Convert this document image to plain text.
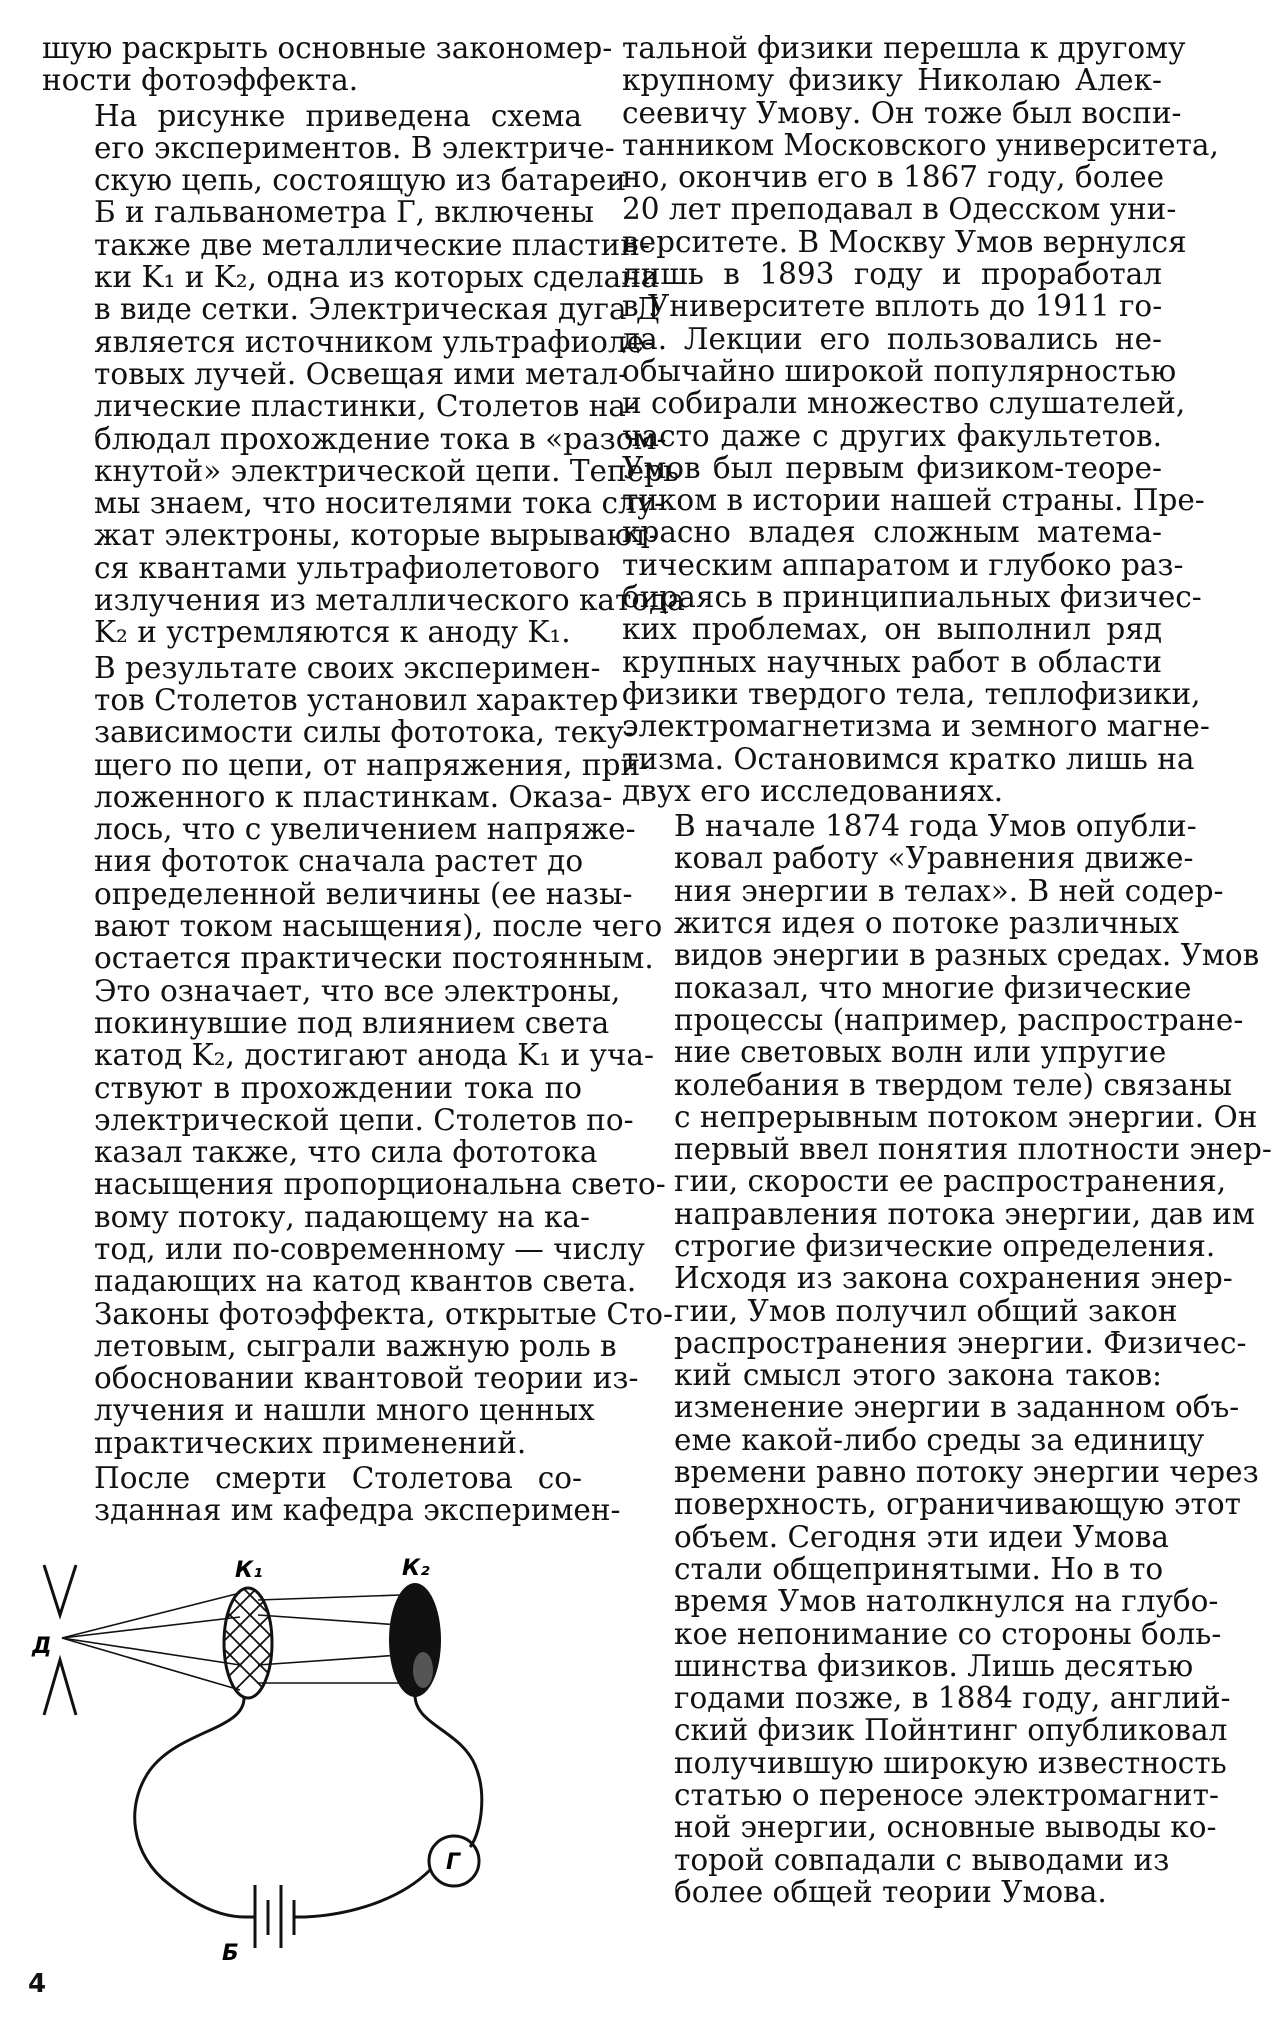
шую раскрыть основные закономер-
ности фотоэффекта.
На рисунке приведена схема
его экспериментов. В электриче-
скую цепь, состоящую из батареи
Б и гальванометра Г, включены
также две металлические пластин-
ки K₁ и K₂, одна из которых сделана
в виде сетки. Электрическая дуга Д
является источником ультрафиоле-
товых лучей. Освещая ими метал-
лические пластинки, Столетов на-
блюдал прохождение тока в «разом-
кнутой» электрической цепи. Теперь
мы знаем, что носителями тока слу-
жат электроны, которые вырывают-
ся квантами ультрафиолетового
излучения из металлического катода
K₂ и устремляются к аноду K₁.
В результате своих эксперимен-
тов Столетов установил характер
зависимости силы фототока, теку-
щего по цепи, от напряжения, при-
ложенного к пластинкам. Оказа-
лось, что с увеличением напряже-
ния фототок сначала растет до
определенной величины (ее назы-
вают током насыщения), после чего
остается практически постоянным.
Это означает, что все электроны,
покинувшие под влиянием света
катод K₂, достигают анода K₁ и уча-
ствуют в прохождении тока по
электрической цепи. Столетов по-
казал также, что сила фототока
насыщения пропорциональна свето-
вому потоку, падающему на ка-
тод, или по-современному — числу
падающих на катод квантов света.
Законы фотоэффекта, открытые Сто-
летовым, сыграли важную роль в
обосновании квантовой теории из-
лучения и нашли много ценных
практических применений.
После смерти Столетова со-
зданная им кафедра эксперимен-
тальной физики перешла к другому
крупному физику Николаю Алек-
сеевичу Умову. Он тоже был воспи-
танником Московского университета,
но, окончив его в 1867 году, более
20 лет преподавал в Одесском уни-
верситете. В Москву Умов вернулся
лишь в 1893 году и проработал
в Университете вплоть до 1911 го-
да. Лекции его пользовались не-
обычайно широкой популярностью
и собирали множество слушателей,
часто даже с других факультетов.
Умов был первым физиком-теоре-
тиком в истории нашей страны. Пре-
красно владея сложным матема-
тическим аппаратом и глубоко раз-
бираясь в принципиальных физичес-
ких проблемах, он выполнил ряд
крупных научных работ в области
физики твердого тела, теплофизики,
электромагнетизма и земного магне-
тизма. Остановимся кратко лишь на
двух его исследованиях.
В начале 1874 года Умов опубли-
ковал работу «Уравнения движе-
ния энергии в телах». В ней содер-
жится идея о потоке различных
видов энергии в разных средах. Умов
показал, что многие физические
процессы (например, распростране-
ние световых волн или упругие
колебания в твердом теле) связаны
с непрерывным потоком энергии. Он
первый ввел понятия плотности энер-
гии, скорости ее распространения,
направления потока энергии, дав им
строгие физические определения.
Исходя из закона сохранения энер-
гии, Умов получил общий закон
распространения энергии. Физичес-
кий смысл этого закона таков:
изменение энергии в заданном объ-
еме какой-либо среды за единицу
времени равно потоку энергии через
поверхность, ограничивающую этот
объем. Сегодня эти идеи Умова
стали общепринятыми. Но в то
время Умов натолкнулся на глубо-
кое непонимание со стороны боль-
шинства физиков. Лишь десятью
годами позже, в 1884 году, англий-
ский физик Пойнтинг опубликовал
получившую широкую известность
статью о переносе электромагнит-
ной энергии, основные выводы ко-
торой совпадали с выводами из
более общей теории Умова.
Д
К₁	К₂
Г
Б
4
